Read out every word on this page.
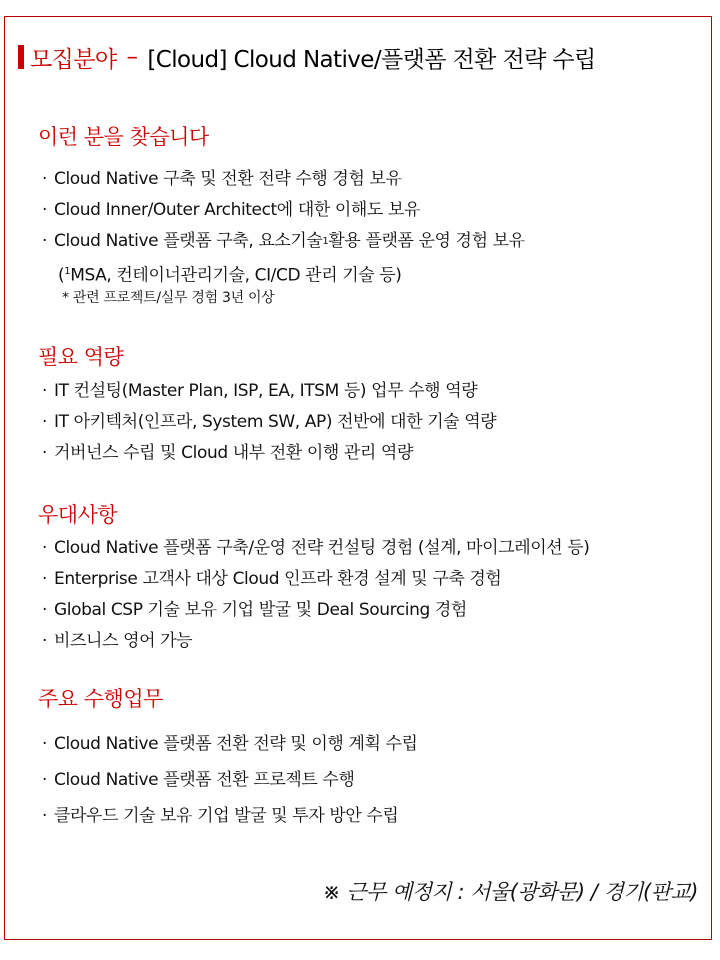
모집분야 – [Cloud] Cloud Native/플랫폼 전환 전략 수립
이런 분을 찾습니다
· Cloud Native 구축 및 전환 전략 수행 경험 보유
· Cloud Inner/Outer Architect에 대한 이해도 보유
· Cloud Native 플랫폼 구축, 요소기술 1 활용 플랫폼 운영 경험 보유
($^1$MSA, 컨테이너관리기술, CI/CD 관리 기술 등)
* 관련 프로젝트/실무 경험 3년 이상
필요 역량
· IT 컨설팅(Master Plan, ISP, EA, ITSM 등) 업무 수행 역량
· IT 아키텍처(인프라, System SW, AP) 전반에 대한 기술 역량
· 거버넌스 수립 및 Cloud 내부 전환 이행 관리 역량
우대사항
· Cloud Native 플랫폼 구축/운영 전략 컨설팅 경험 (설계, 마이그레이션 등)
· Enterprise 고객사 대상 Cloud 인프라 환경 설계 및 구축 경험
· Global CSP 기술 보유 기업 발굴 및 Deal Sourcing 경험
· 비즈니스 영어 가능
주요 수행업무
· Cloud Native 플랫폼 전환 전략 및 이행 계획 수립
· Cloud Native 플랫폼 전환 프로젝트 수행
· 클라우드 기술 보유 기업 발굴 및 투자 방안 수립
※ 근무 예정지 : 서울(광화문) / 경기(판교)
